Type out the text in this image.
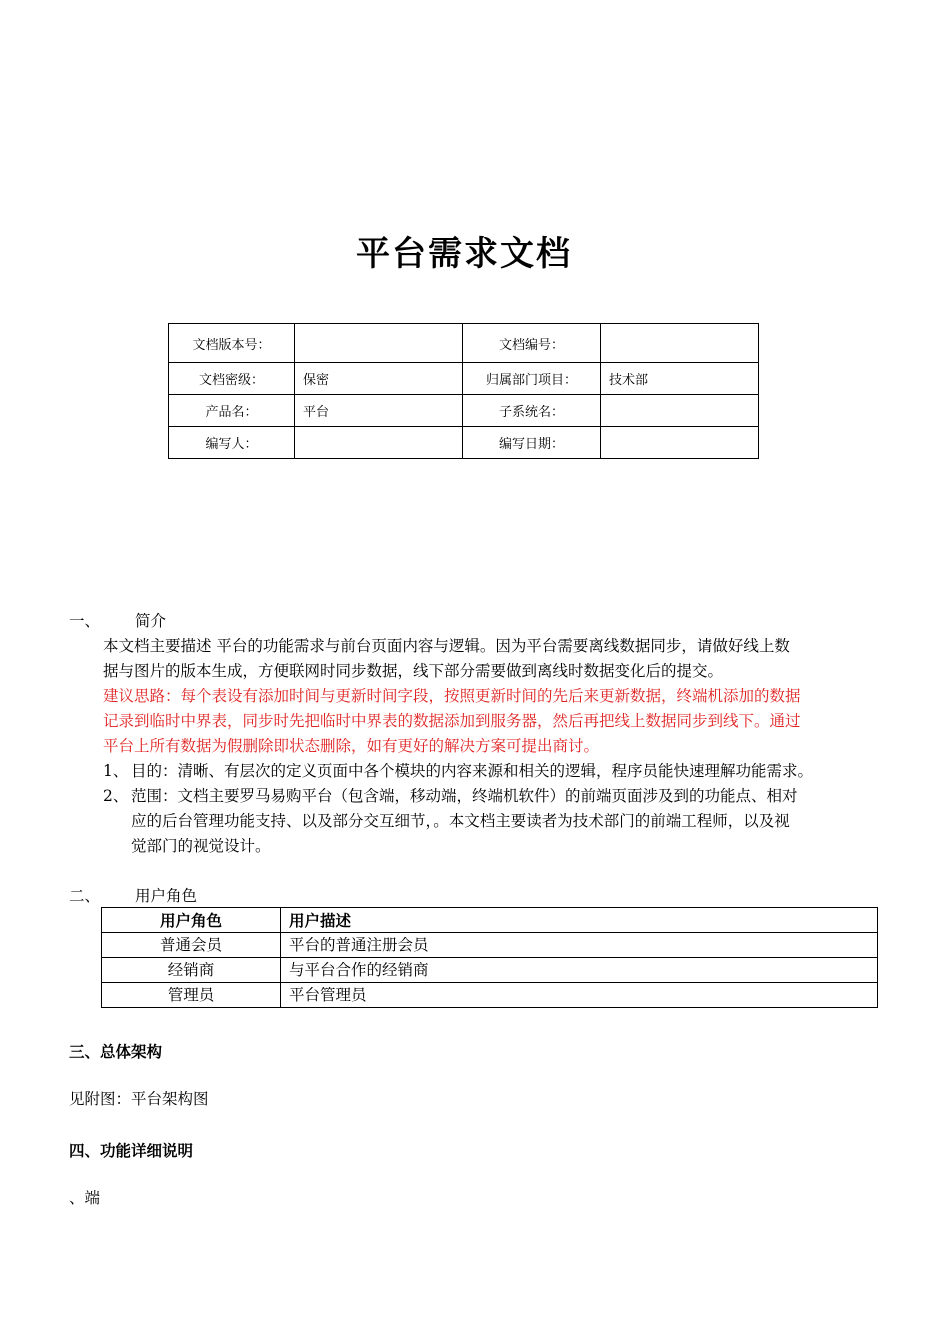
平台需求文档
文档版本号：		文档编号：	
文档密级：	保密	归属部门项目：	技术部
产品名：	平台	子系统名：	
编写人：		编写日期：	
一、 简介
本文档主要描述 平台的功能需求与前台页面内容与逻辑。因为平台需要离线数据同步，请做好线上数
据与图片的版本生成，方便联网时同步数据，线下部分需要做到离线时数据变化后的提交。
建议思路：每个表设有添加时间与更新时间字段，按照更新时间的先后来更新数据，终端机添加的数据
记录到临时中界表，同步时先把临时中界表的数据添加到服务器，然后再把线上数据同步到线下。通过
平台上所有数据为假删除即状态删除，如有更好的解决方案可提出商讨。
1、 目的：清晰、有层次的定义页面中各个模块的内容来源和相关的逻辑，程序员能快速理解功能需求。
2、 范围：文档主要罗马易购平台（包含端，移动端，终端机软件）的前端页面涉及到的功能点、相对
应的后台管理功能支持、以及部分交互细节，。本文档主要读者为技术部门的前端工程师，以及视
觉部门的视觉设计。
二、 用户角色
用户角色	用户描述
普通会员	平台的普通注册会员
经销商	与平台合作的经销商
管理员	平台管理员
三、总体架构
见附图：平台架构图
四、功能详细说明
、端
